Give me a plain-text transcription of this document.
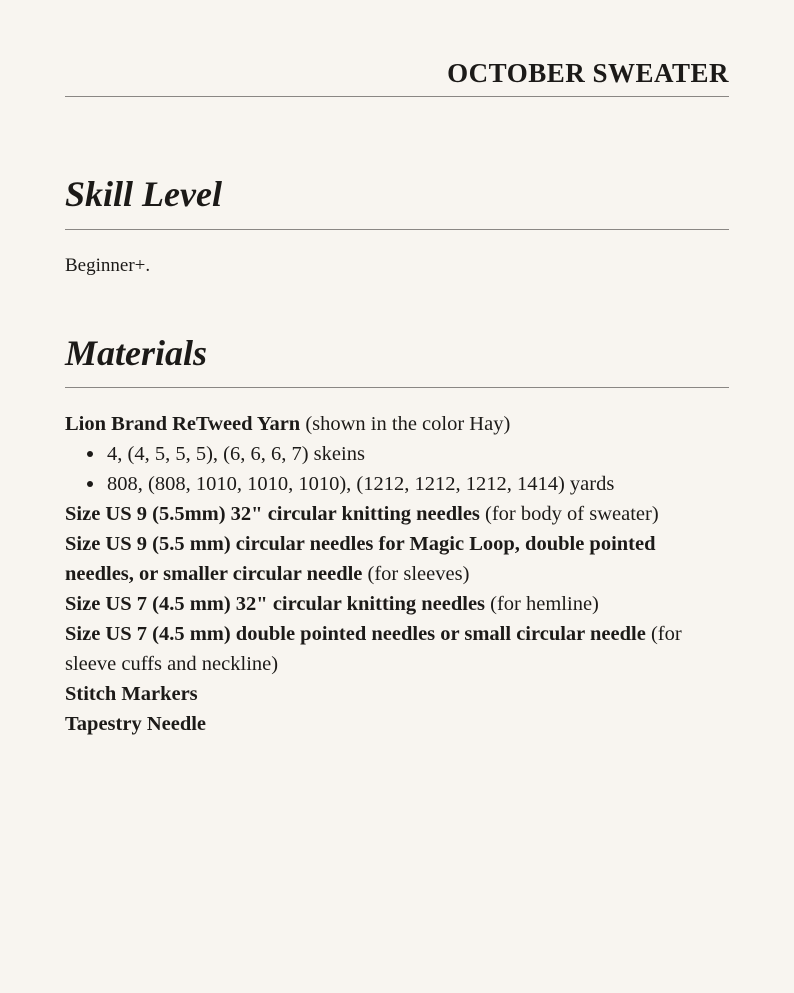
OCTOBER SWEATER
Skill Level
Beginner+.
Materials
Lion Brand ReTweed Yarn (shown in the color Hay)
4, (4, 5, 5, 5), (6, 6, 6, 7) skeins
808, (808, 1010, 1010, 1010), (1212, 1212, 1212, 1414) yards
Size US 9 (5.5mm) 32" circular knitting needles (for body of sweater)
Size US 9 (5.5 mm) circular needles for Magic Loop, double pointed
needles, or smaller circular needle (for sleeves)
Size US 7 (4.5 mm) 32" circular knitting needles (for hemline)
Size US 7 (4.5 mm) double pointed needles or small circular needle (for
sleeve cuffs and neckline)
Stitch Markers
Tapestry Needle
